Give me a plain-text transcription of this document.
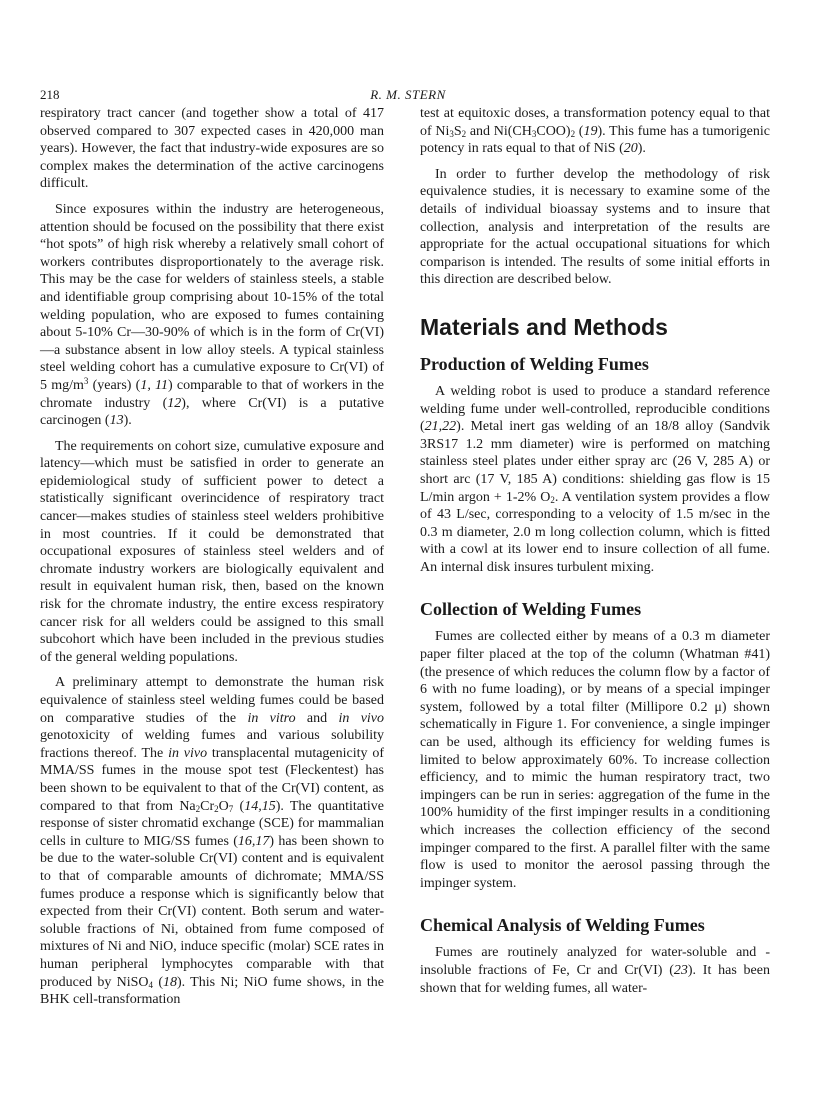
218	R. M. STERN

respiratory tract cancer (and together show a total of 417 observed compared to 307 expected cases in 420,000 man years). However, the fact that industry-wide exposures are so complex makes the determination of the active carcinogens difficult.

Since exposures within the industry are heterogeneous, attention should be focused on the possibility that there exist “hot spots” of high risk whereby a relatively small cohort of workers contributes disproportionately to the average risk. This may be the case for welders of stainless steels, a stable and identifiable group comprising about 10-15% of the total welding population, who are exposed to fumes containing about 5-10% Cr—30-90% of which is in the form of Cr(VI)—a substance absent in low alloy steels. A typical stainless steel welding cohort has a cumulative exposure to Cr(VI) of 5 $mg/m^3$ (years) (1, 11) comparable to that of workers in the chromate industry (12), where Cr(VI) is a putative carcinogen (13).

The requirements on cohort size, cumulative exposure and latency—which must be satisfied in order to generate an epidemiological study of sufficient power to detect a statistically significant overincidence of respiratory tract cancer—makes studies of stainless steel welders prohibitive in most countries. If it could be demonstrated that occupational exposures of stainless steel welders and of chromate industry workers are biologically equivalent and result in equivalent human risk, then, based on the known risk for the chromate industry, the entire excess respiratory cancer risk for all welders could be assigned to this small subcohort which have been included in the previous studies of the general welding populations.

A preliminary attempt to demonstrate the human risk equivalence of stainless steel welding fumes could be based on comparative studies of the in vitro and in vivo genotoxicity of welding fumes and various solubility fractions thereof. The in vivo transplacental mutagenicity of MMA/SS fumes in the mouse spot test (Fleckentest) has been shown to be equivalent to that of the Cr(VI) content, as compared to that from $Na_2Cr_2O_7$ (14,15). The quantitative response of sister chromatid exchange (SCE) for mammalian cells in culture to MIG/SS fumes (16,17) has been shown to be due to the water-soluble Cr(VI) content and is equivalent to that of comparable amounts of dichromate; MMA/SS fumes produce a response which is significantly below that expected from their Cr(VI) content. Both serum and water-soluble fractions of Ni, obtained from fume composed of mixtures of Ni and NiO, induce specific (molar) SCE rates in human peripheral lymphocytes comparable with that produced by NiSO$_4$ (18). This Ni; NiO fume shows, in the BHK cell-transformation

test at equitoxic doses, a transformation potency equal to that of $Ni_3S_2$ and $Ni(CH_3COO)_2$ (19). This fume has a tumorigenic potency in rats equal to that of NiS (20).

In order to further develop the methodology of risk equivalence studies, it is necessary to examine some of the details of individual bioassay systems and to insure that collection, analysis and interpretation of the results are appropriate for the actual occupational situations for which comparison is intended. The results of some initial efforts in this direction are described below.

Materials and Methods
Production of Welding Fumes

A welding robot is used to produce a standard reference welding fume under well-controlled, reproducible conditions (21,22). Metal inert gas welding of an 18/8 alloy (Sandvik 3RS17 1.2 mm diameter) wire is performed on matching stainless steel plates under either spray arc (26 V, 285 A) or short arc (17 V, 185 A) conditions: shielding gas flow is 15 L/min argon + 1-2% $O_2$. A ventilation system provides a flow of 43 L/sec, corresponding to a velocity of 1.5 m/sec in the 0.3 m diameter, 2.0 m long collection column, which is fitted with a cowl at its lower end to insure collection of all fume. An internal disk insures turbulent mixing.

Collection of Welding Fumes

Fumes are collected either by means of a 0.3 m diameter paper filter placed at the top of the column (Whatman #41) (the presence of which reduces the column flow by a factor of 6 with no fume loading), or by means of a special impinger system, followed by a total filter (Millipore 0.2 μ) shown schematically in Figure 1. For convenience, a single impinger can be used, although its efficiency for welding fumes is limited to below approximately 60%. To increase collection efficiency, and to mimic the human respiratory tract, two impingers can be run in series: aggregation of the fume in the 100% humidity of the first impinger results in a conditioning which increases the collection efficiency of the second impinger compared to the first. A parallel filter with the same flow is used to monitor the aerosol passing through the impinger system.

Chemical Analysis of Welding Fumes

Fumes are routinely analyzed for water-soluble and -insoluble fractions of Fe, Cr and Cr(VI) (23). It has been shown that for welding fumes, all water-
